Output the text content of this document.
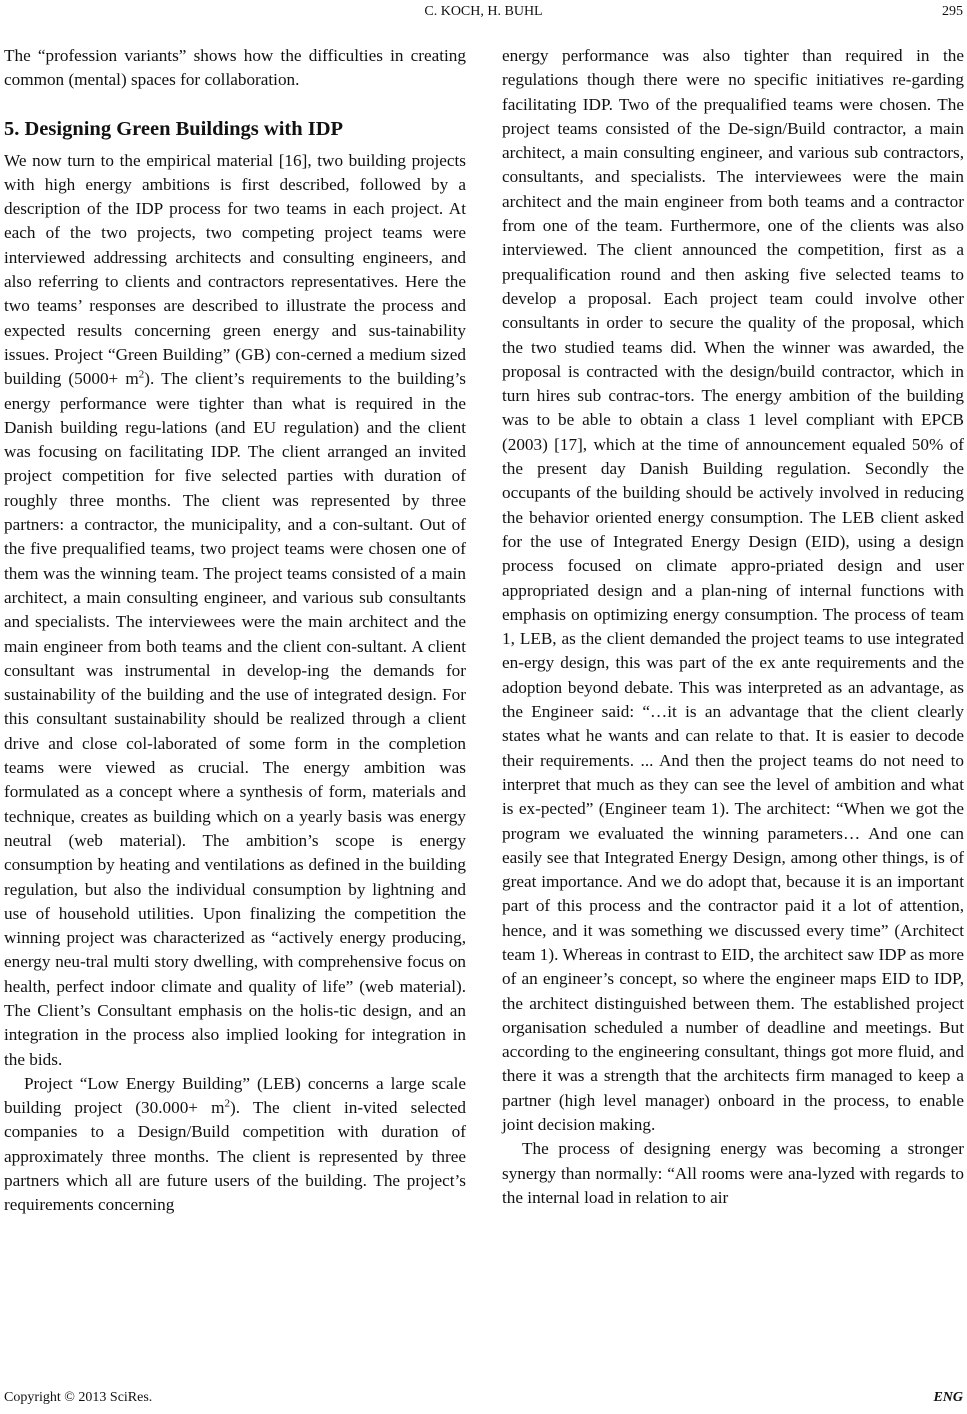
C. KOCH, H. BUHL	295

The “profession variants” shows how the difficulties in creating common (mental) spaces for collaboration.

5. Designing Green Buildings with IDP

We now turn to the empirical material [16], two building projects with high energy ambitions is first described, followed by a description of the IDP process for two teams in each project. At each of the two projects, two competing project teams were interviewed addressing architects and consulting engineers, and also referring to clients and contractors representatives. Here the two teams’ responses are described to illustrate the process and expected results concerning green energy and sus-tainability issues. Project “Green Building” (GB) con-cerned a medium sized building $(5000+ m^2)$. The client’s requirements to the building’s energy performance were tighter than what is required in the Danish building regu-lations (and EU regulation) and the client was focusing on facilitating IDP. The client arranged an invited project competition for five selected parties with duration of roughly three months. The client was represented by three partners: a contractor, the municipality, and a con-sultant. Out of the five prequalified teams, two project teams were chosen one of them was the winning team. The project teams consisted of a main architect, a main consulting engineer, and various sub consultants and specialists. The interviewees were the main architect and the main engineer from both teams and the client con-sultant. A client consultant was instrumental in develop-ing the demands for sustainability of the building and the use of integrated design. For this consultant sustainability should be realized through a client drive and close col-laborated of some form in the completion teams were viewed as crucial. The energy ambition was formulated as a concept where a synthesis of form, materials and technique, creates as building which on a yearly basis was energy neutral (web material). The ambition’s scope is energy consumption by heating and ventilations as defined in the building regulation, but also the individual consumption by lightning and use of household utilities. Upon finalizing the competition the winning project was characterized as “actively energy producing, energy neu-tral multi story dwelling, with comprehensive focus on health, perfect indoor climate and quality of life” (web material). The Client’s Consultant emphasis on the holis-tic design, and an integration in the process also implied looking for integration in the bids.

Project “Low Energy Building” (LEB) concerns a large scale building project $(30.000+ m^2)$. The client in-vited selected companies to a Design/Build competition with duration of approximately three months. The client is represented by three partners which all are future users of the building. The project’s requirements concerning

energy performance was also tighter than required in the regulations though there were no specific initiatives re-garding facilitating IDP. Two of the prequalified teams were chosen. The project teams consisted of the De-sign/Build contractor, a main architect, a main consulting engineer, and various sub contractors, consultants, and specialists. The interviewees were the main architect and the main engineer from both teams and a contractor from one of the team. Furthermore, one of the clients was also interviewed. The client announced the competition, first as a prequalification round and then asking five selected teams to develop a proposal. Each project team could involve other consultants in order to secure the quality of the proposal, which the two studied teams did. When the winner was awarded, the proposal is contracted with the design/build contractor, which in turn hires sub contrac-tors. The energy ambition of the building was to be able to obtain a class 1 level compliant with EPCB (2003) [17], which at the time of announcement equaled 50% of the present day Danish Building regulation. Secondly the occupants of the building should be actively involved in reducing the behavior oriented energy consumption. The LEB client asked for the use of Integrated Energy Design (EID), using a design process focused on climate appro-priated design and user appropriated design and a plan-ning of internal functions with emphasis on optimizing energy consumption. The process of team 1, LEB, as the client demanded the project teams to use integrated en-ergy design, this was part of the ex ante requirements and the adoption beyond debate. This was interpreted as an advantage, as the Engineer said: “…it is an advantage that the client clearly states what he wants and can relate to that. It is easier to decode their requirements. ... And then the project teams do not need to interpret that much as they can see the level of ambition and what is ex-pected” (Engineer team 1). The architect: “When we got the program we evaluated the winning parameters… And one can easily see that Integrated Energy Design, among other things, is of great importance. And we do adopt that, because it is an important part of this process and the contractor paid it a lot of attention, hence, and it was something we discussed every time” (Architect team 1). Whereas in contrast to EID, the architect saw IDP as more of an engineer’s concept, so where the engineer maps EID to IDP, the architect distinguished between them. The established project organisation scheduled a number of deadline and meetings. But according to the engineering consultant, things got more fluid, and there it was a strength that the architects firm managed to keep a partner (high level manager) onboard in the process, to enable joint decision making.

The process of designing energy was becoming a stronger synergy than normally: “All rooms were ana-lyzed with regards to the internal load in relation to air

Copyright © 2013 SciRes.	ENG
